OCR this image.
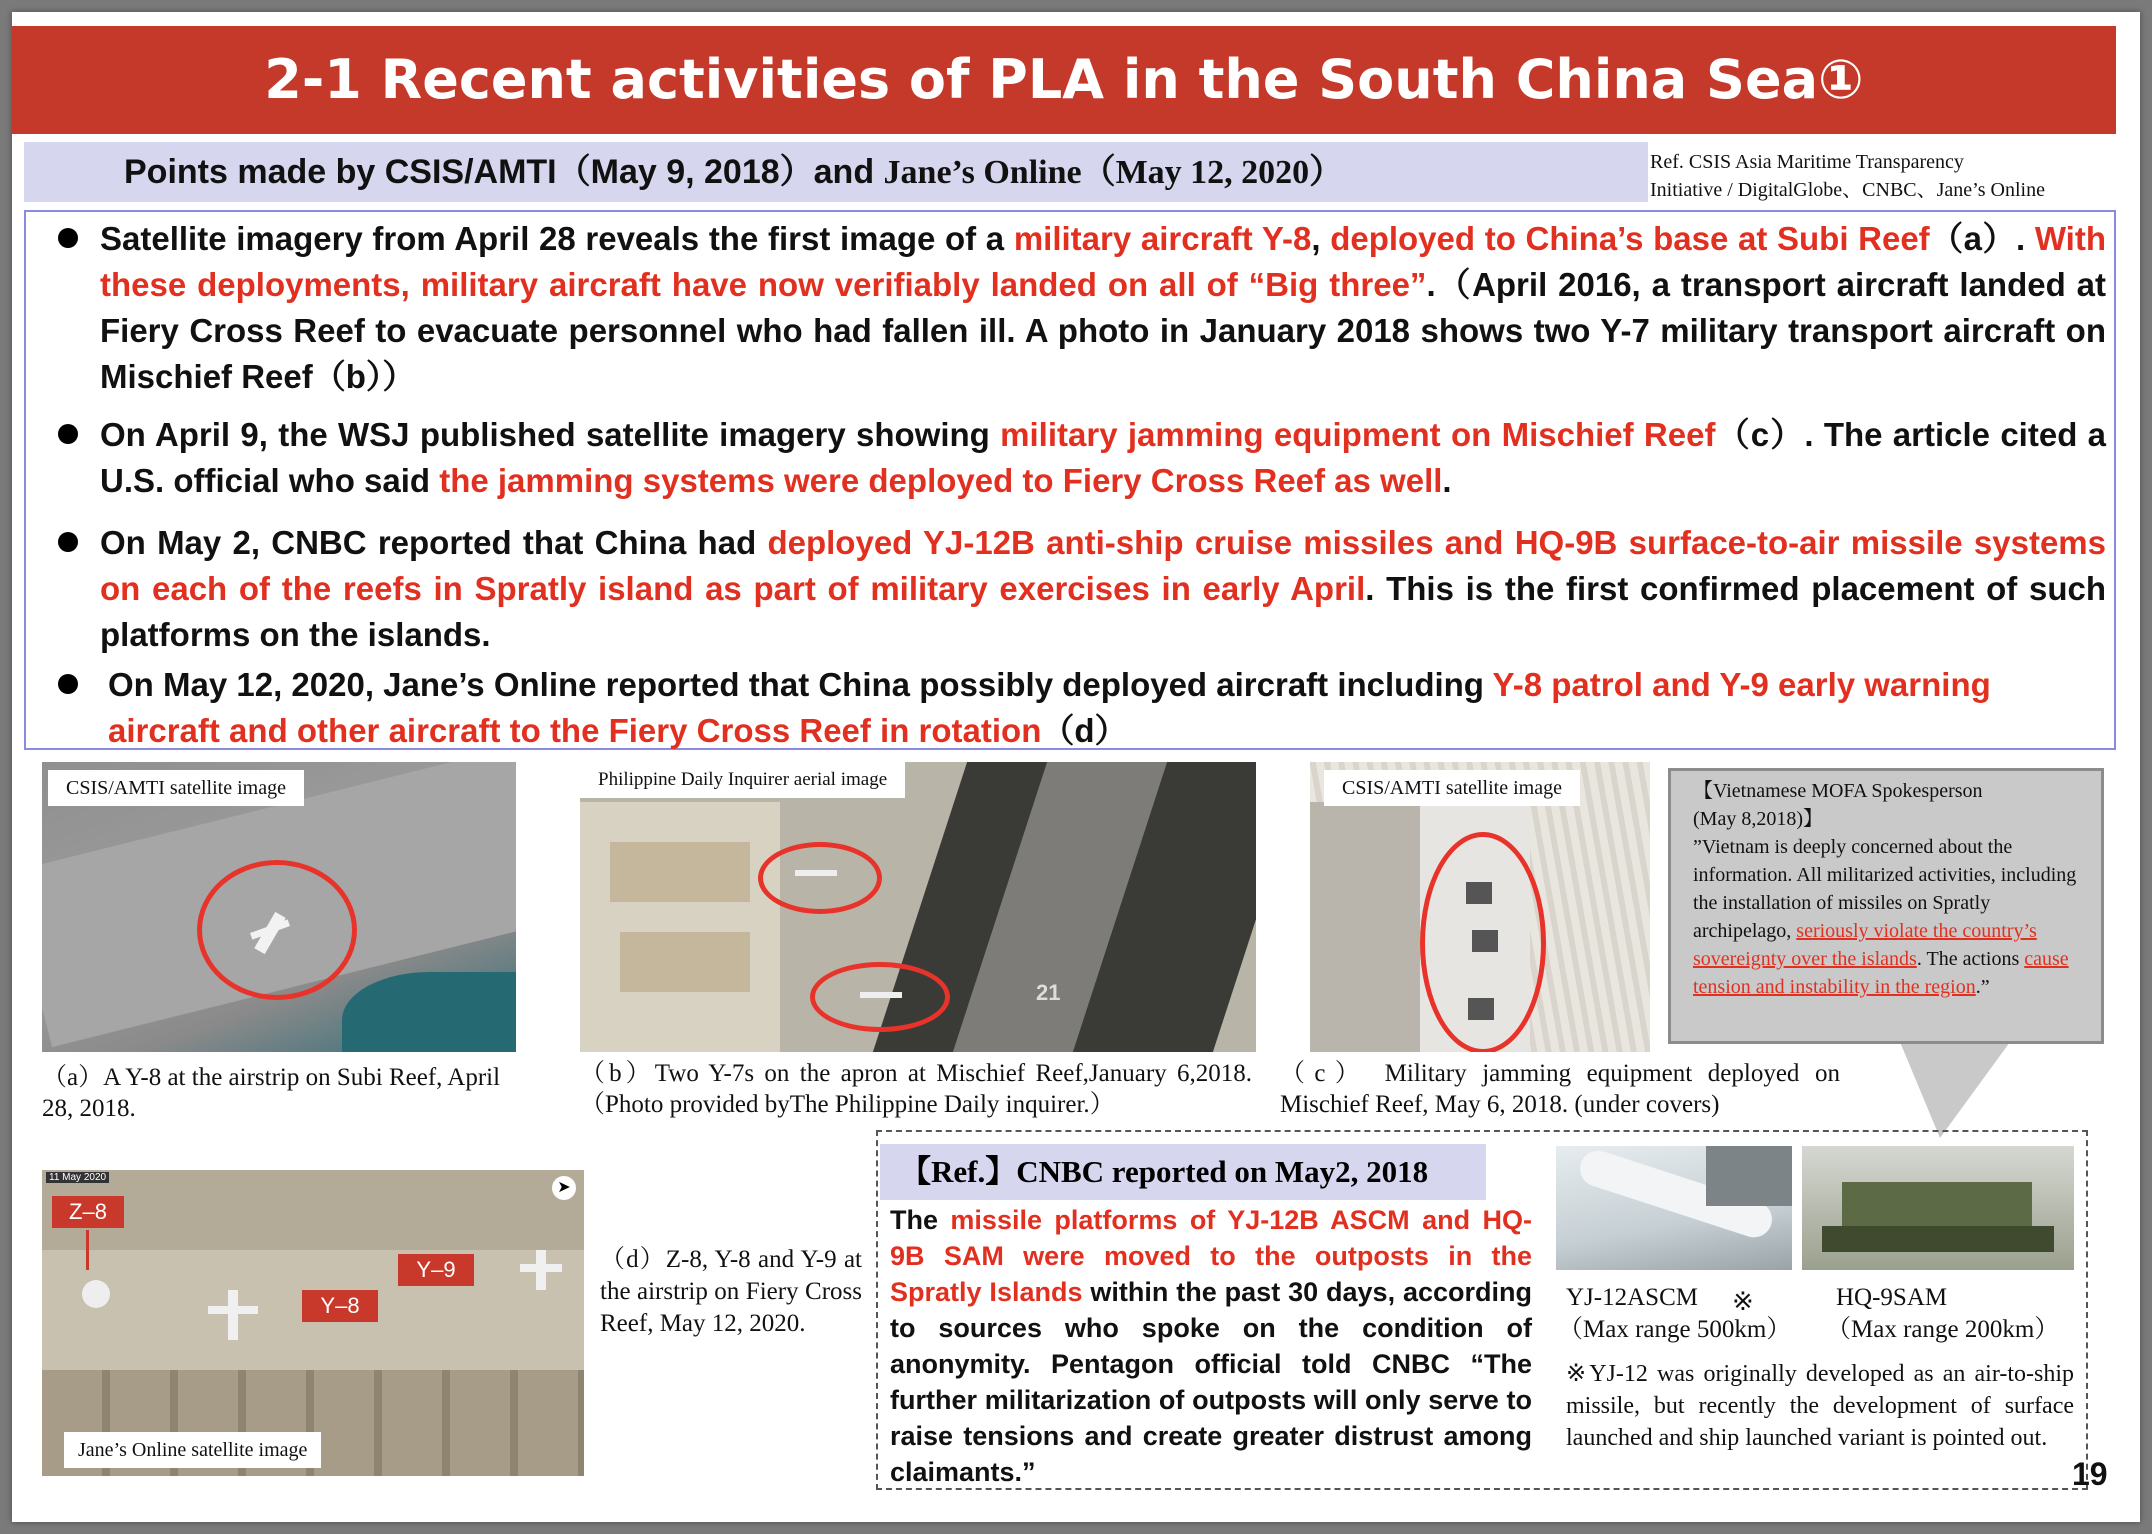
2-1 Recent activities of PLA in the South China Sea①
Points made by CSIS/AMTI（May 9, 2018）and Jane’s Online（May 12, 2020）	Ref. CSIS Asia Maritime Transparency
Initiative / DigitalGlobe、CNBC、Jane’s Online
Satellite imagery from April 28 reveals the first image of a military aircraft Y-8, deployed to China’s base at Subi Reef（a）. With these deployments, military aircraft have now verifiably landed on all of “Big three”.（April 2016, a transport aircraft landed at Fiery Cross Reef to evacuate personnel who had fallen ill. A photo in January 2018 shows two Y-7 military transport aircraft on Mischief Reef（b））
On April 9, the WSJ published satellite imagery showing military jamming equipment on Mischief Reef（c）. The article cited a U.S. official who said the jamming systems were deployed to Fiery Cross Reef as well.
On May 2, CNBC reported that China had deployed YJ-12B anti-ship cruise missiles and HQ-9B surface-to-air missile systems on each of the reefs in Spratly island as part of military exercises in early April. This is the first confirmed placement of such platforms on the islands.
On May 12, 2020, Jane’s Online reported that China possibly deployed aircraft including Y-8 patrol and Y-9 early warning aircraft and other aircraft to the Fiery Cross Reef in rotation（d）
CSIS/AMTI satellite image
（a）A Y-8 at the airstrip on Subi Reef, April 28, 2018.
21
Philippine Daily Inquirer aerial image
（b）Two Y-7s on the apron at Mischief Reef,January 6,2018.（Photo provided byThe Philippine Daily inquirer.）
CSIS/AMTI satellite image
（c） Military jamming equipment deployed on Mischief Reef, May 6, 2018. (under covers)
【Vietnamese MOFA Spokesperson
(May 8,2018)】
”Vietnam is deeply concerned about the information. All militarized activities, including the installation of missiles on Spratly archipelago, seriously violate the country’s sovereignty over the islands. The actions cause tension and instability in the region.”
11 May 2020
Z–8
Y–8
Y–9
➤
Jane’s Online satellite image
（d）Z-8, Y-8 and Y-9 at the airstrip on Fiery Cross Reef, May 12, 2020.
【Ref.】CNBC reported on May2, 2018
The missile platforms of YJ-12B ASCM and HQ-9B SAM were moved to the outposts in the Spratly Islands within the past 30 days, according to sources who spoke on the condition of anonymity. Pentagon official told CNBC “The further militarization of outposts will only serve to raise tensions and create greater distrust among claimants.”
YJ-12ASCM	※
（Max range 500km）
HQ-9SAM
（Max range 200km）
※YJ-12 was originally developed as an air-to-ship missile, but recently the development of surface launched and ship launched variant is pointed out.
19
